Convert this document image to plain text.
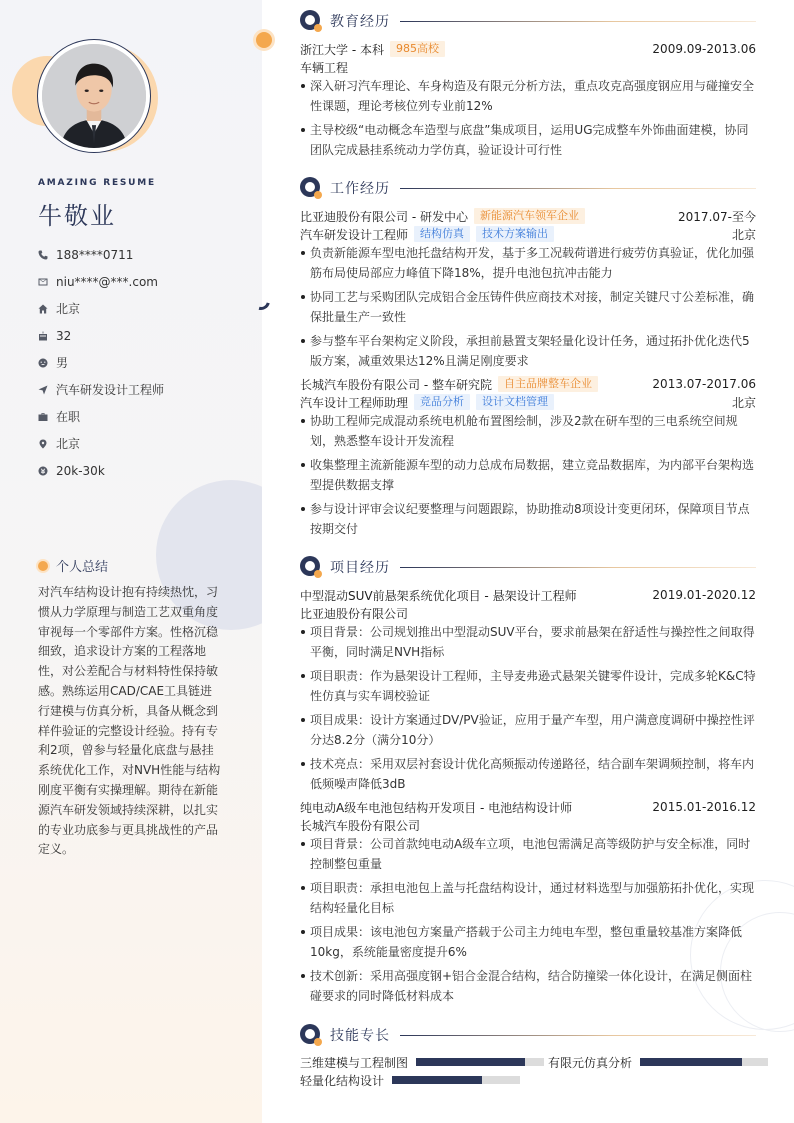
AMAZING RESUME
牛敬业
188****0711
niu****@***.com
北京
32
男
汽车研发设计工程师
在职
北京
20k-30k
个人总结

对汽车结构设计抱有持续热忱，习惯从力学原理与制造工艺双重角度审视每一个零部件方案。性格沉稳细致，追求设计方案的工程落地性，对公差配合与材料特性保持敏感。熟练运用CAD/CAE工具链进行建模与仿真分析，具备从概念到样件验证的完整设计经验。持有专利2项，曾参与轻量化底盘与悬挂系统优化工作，对NVH性能与结构刚度平衡有实操理解。期待在新能源汽车研发领域持续深耕，以扎实的专业功底参与更具挑战性的产品定义。

教育经历
浙江大学 - 本科	985高校	2009.09-2013.06
车辆工程
深入研习汽车理论、车身构造及有限元分析方法，重点攻克高强度钢应用与碰撞安全性课题，理论考核位列专业前12%
主导校级“电动概念车造型与底盘”集成项目，运用UG完成整车外饰曲面建模，协同团队完成悬挂系统动力学仿真，验证设计可行性
工作经历
比亚迪股份有限公司 - 研发中心	新能源汽车领军企业	2017.07-至今
汽车研发设计工程师	结构仿真	技术方案输出	北京
负责新能源车型电池托盘结构开发，基于多工况载荷谱进行疲劳仿真验证，优化加强筋布局使局部应力峰值下降18%，提升电池包抗冲击能力
协同工艺与采购团队完成铝合金压铸件供应商技术对接，制定关键尺寸公差标准，确保批量生产一致性
参与整车平台架构定义阶段，承担前悬置支架轻量化设计任务，通过拓扑优化迭代5版方案，减重效果达12%且满足刚度要求
长城汽车股份有限公司 - 整车研究院	自主品牌整车企业	2013.07-2017.06
汽车设计工程师助理	竞品分析	设计文档管理	北京
协助工程师完成混动系统电机舱布置图绘制，涉及2款在研车型的三电系统空间规划，熟悉整车设计开发流程
收集整理主流新能源车型的动力总成布局数据，建立竞品数据库，为内部平台架构选型提供数据支撑
参与设计评审会议纪要整理与问题跟踪，协助推动8项设计变更闭环，保障项目节点按期交付
项目经历
中型混动SUV前悬架系统优化项目 - 悬架设计工程师	2019.01-2020.12
比亚迪股份有限公司
项目背景：公司规划推出中型混动SUV平台，要求前悬架在舒适性与操控性之间取得平衡，同时满足NVH指标
项目职责：作为悬架设计工程师，主导麦弗逊式悬架关键零件设计，完成多轮K&C特性仿真与实车调校验证
项目成果：设计方案通过DV/PV验证，应用于量产车型，用户满意度调研中操控性评分达8.2分（满分10分）
技术亮点：采用双层衬套设计优化高频振动传递路径，结合副车架调频控制，将车内低频噪声降低3dB
纯电动A级车电池包结构开发项目 - 电池结构设计师	2015.01-2016.12
长城汽车股份有限公司
项目背景：公司首款纯电动A级车立项，电池包需满足高等级防护与安全标准，同时控制整包重量
项目职责：承担电池包上盖与托盘结构设计，通过材料选型与加强筋拓扑优化，实现结构轻量化目标
项目成果：该电池包方案量产搭载于公司主力纯电车型，整包重量较基准方案降低10kg，系统能量密度提升6%
技术创新：采用高强度钢+铝合金混合结构，结合防撞梁一体化设计，在满足侧面柱碰要求的同时降低材料成本
技能专长
三维建模与工程制图	有限元仿真分析
轻量化结构设计
